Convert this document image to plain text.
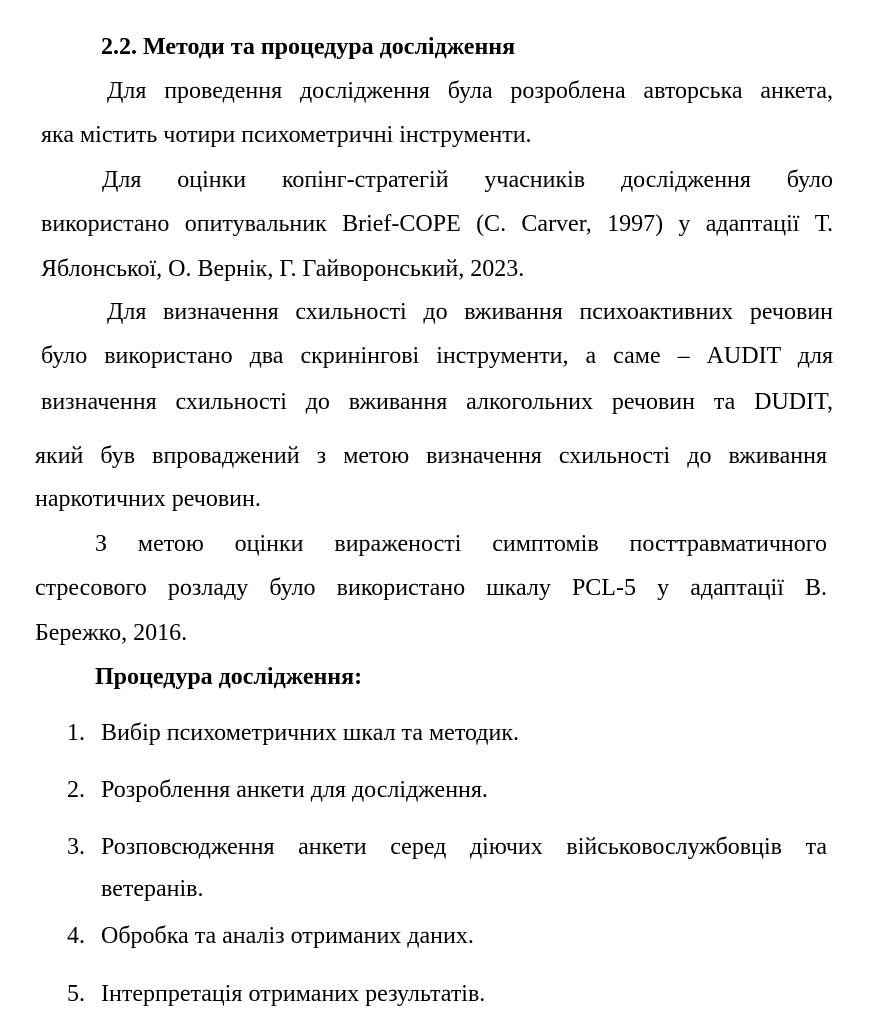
2.2. Методи та процедура дослідження
Для проведення дослідження була розроблена авторська анкета,
яка містить чотири психометричні інструменти.
Для оцінки копінг-стратегій учасників дослідження було
використано опитувальник Brief-COPE (C. Carver, 1997) у адаптації Т.
Яблонської, О. Вернік, Г. Гайворонський, 2023.
Для визначення схильності до вживання психоактивних речовин
було використано два скринінгові інструменти, а саме – AUDIT для
визначення схильності до вживання алкогольних речовин та DUDIT,
який був впроваджений з метою визначення схильності до вживання
наркотичних речовин.
З метою оцінки вираженості симптомів посттравматичного
стресового розладу було використано шкалу PCL-5 у адаптації В.
Бережко, 2016.
Процедура дослідження:
1. Вибір психометричних шкал та методик.
2. Розроблення анкети для дослідження.
3. Розповсюдження анкети серед діючих військовослужбовців та
ветеранів.
4. Обробка та аналіз отриманих даних.
5. Інтерпретація отриманих результатів.
